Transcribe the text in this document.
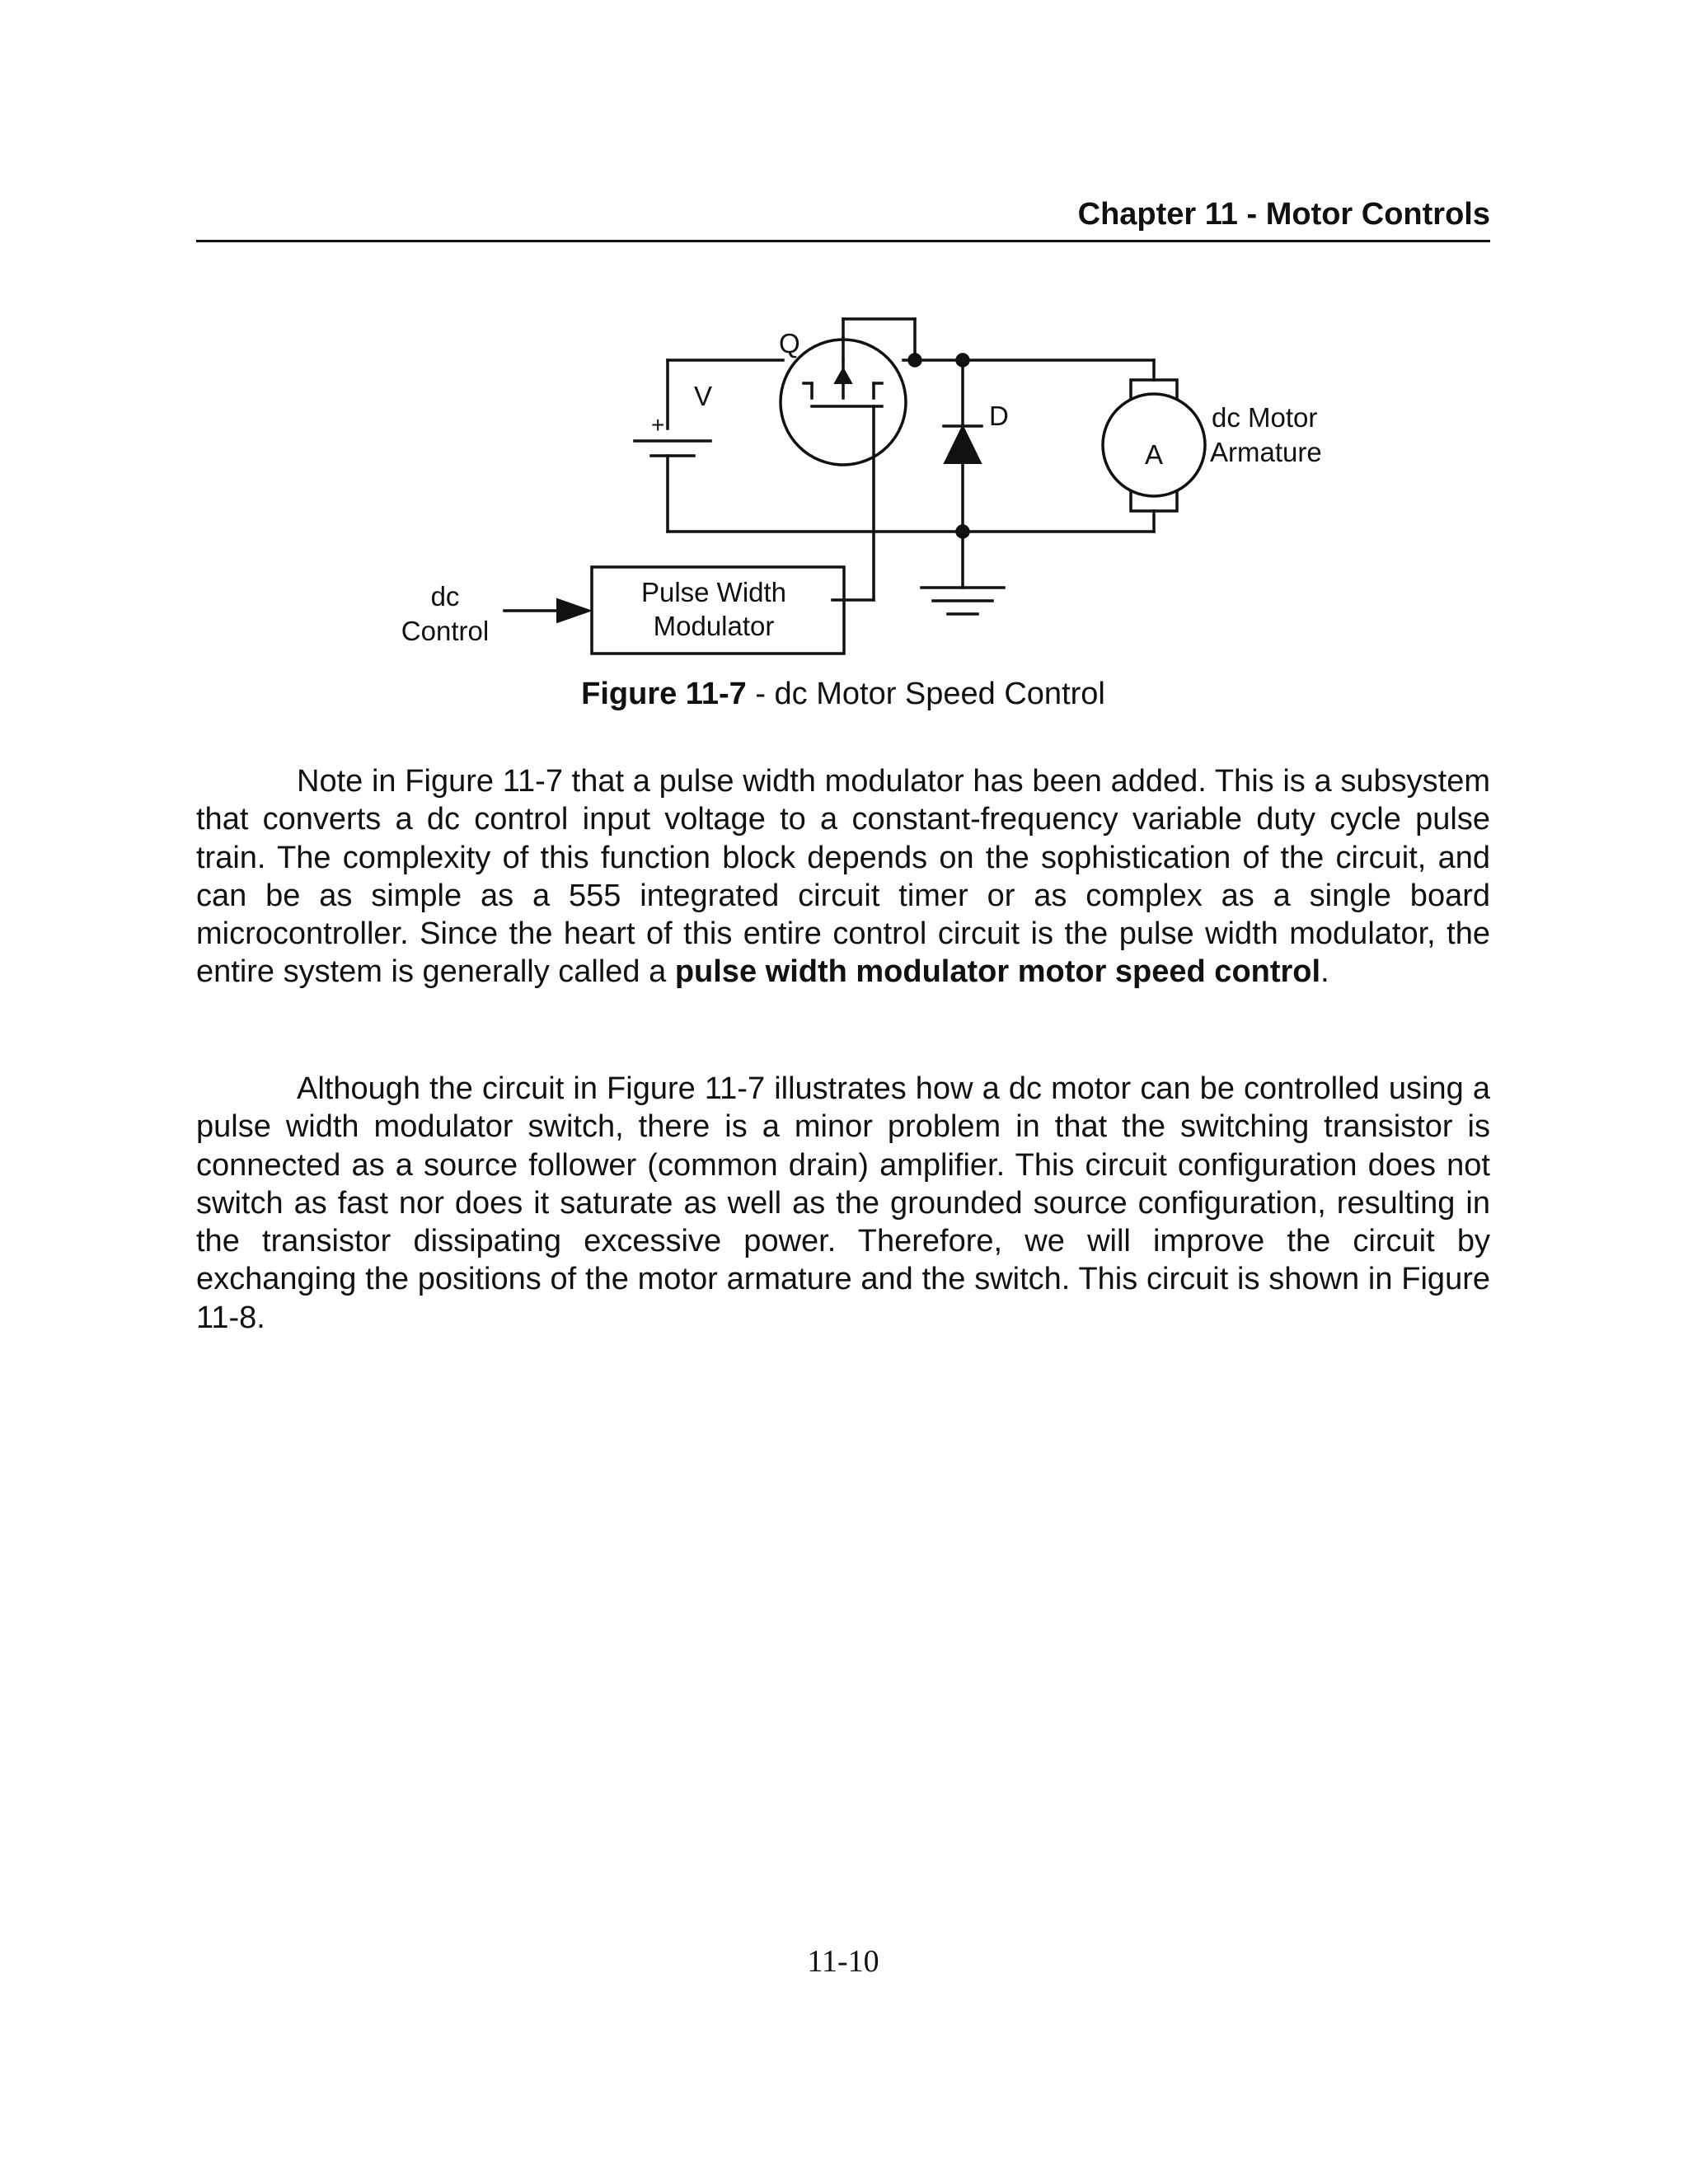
Chapter 11 - Motor Controls
Q
V
+	D
A
dc Motor
Armature
dc
Control
Pulse Width
Modulator
Figure 11-7 - dc Motor Speed Control

Note in Figure 11-7 that a pulse width modulator has been added. This is a subsystem that converts a dc control input voltage to a constant-frequency variable duty cycle pulse train. The complexity of this function block depends on the sophistication of the circuit, and can be as simple as a 555 integrated circuit timer or as complex as a single board microcontroller. Since the heart of this entire control circuit is the pulse width modulator, the entire system is generally called a pulse width modulator motor speed control.

Although the circuit in Figure 11-7 illustrates how a dc motor can be controlled using a pulse width modulator switch, there is a minor problem in that the switching transistor is connected as a source follower (common drain) amplifier. This circuit configuration does not switch as fast nor does it saturate as well as the grounded source configuration, resulting in the transistor dissipating excessive power. Therefore, we will improve the circuit by exchanging the positions of the motor armature and the switch. This circuit is shown in Figure 11-8.

11-10
